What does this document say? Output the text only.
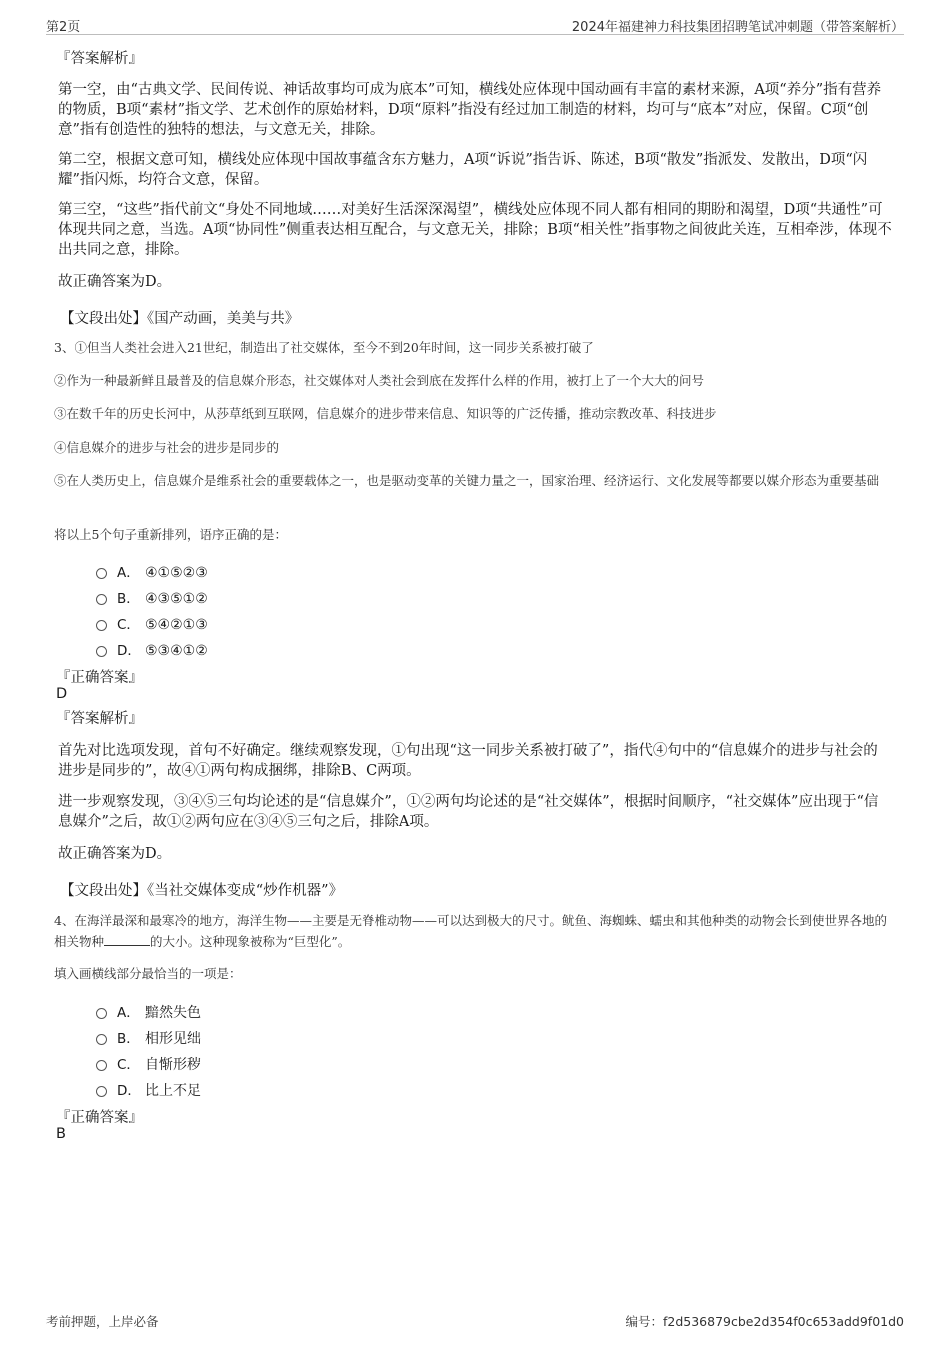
第2页	2024年福建神力科技集团招聘笔试冲刺题（带答案解析）
『答案解析』
第一空，由“古典文学、民间传说、神话故事均可成为底本”可知，横线处应体现中国动画有丰富的素材来源，A项“养分”指有营养的物质，B项“素材”指文学、艺术创作的原始材料，D项“原料”指没有经过加工制造的材料，均可与“底本”对应，保留。C项“创意”指有创造性的独特的想法，与文意无关，排除。
第二空，根据文意可知，横线处应体现中国故事蕴含东方魅力，A项“诉说”指告诉、陈述，B项“散发”指派发、发散出，D项“闪耀”指闪烁，均符合文意，保留。
第三空，“这些”指代前文“身处不同地域……对美好生活深深渴望”，横线处应体现不同人都有相同的期盼和渴望，D项“共通性”可体现共同之意，当选。A项“协同性”侧重表达相互配合，与文意无关，排除；B项“相关性”指事物之间彼此关连，互相牵涉，体现不出共同之意，排除。
故正确答案为D。
【文段出处】《国产动画，美美与共》
3、①但当人类社会进入21世纪，制造出了社交媒体，至今不到20年时间，这一同步关系被打破了
②作为一种最新鲜且最普及的信息媒介形态，社交媒体对人类社会到底在发挥什么样的作用，被打上了一个大大的问号
③在数千年的历史长河中，从莎草纸到互联网，信息媒介的进步带来信息、知识等的广泛传播，推动宗教改革、科技进步
④信息媒介的进步与社会的进步是同步的
⑤在人类历史上，信息媒介是维系社会的重要载体之一，也是驱动变革的关键力量之一，国家治理、经济运行、文化发展等都要以媒介形态为重要基础
将以上5个句子重新排列，语序正确的是：
A． ④①⑤②③
B． ④③⑤①②
C． ⑤④②①③
D． ⑤③④①②
『正确答案』
D
『答案解析』
首先对比选项发现，首句不好确定。继续观察发现，①句出现“这一同步关系被打破了”，指代④句中的“信息媒介的进步与社会的进步是同步的”，故④①两句构成捆绑，排除B、C两项。
进一步观察发现，③④⑤三句均论述的是“信息媒介”，①②两句均论述的是“社交媒体”，根据时间顺序，“社交媒体”应出现于“信息媒介”之后，故①②两句应在③④⑤三句之后，排除A项。
故正确答案为D。
【文段出处】《当社交媒体变成“炒作机器”》
4、在海洋最深和最寒冷的地方，海洋生物——主要是无脊椎动物——可以达到极大的尺寸。鱿鱼、海蜘蛛、蠕虫和其他种类的动物会长到使世界各地的相关物种	的大小。这种现象被称为“巨型化”。
填入画横线部分最恰当的一项是：
A． 黯然失色
B． 相形见绌
C． 自惭形秽
D． 比上不足
『正确答案』
B
考前押题，上岸必备	编号：f2d536879cbe2d354f0c653add9f01d0
